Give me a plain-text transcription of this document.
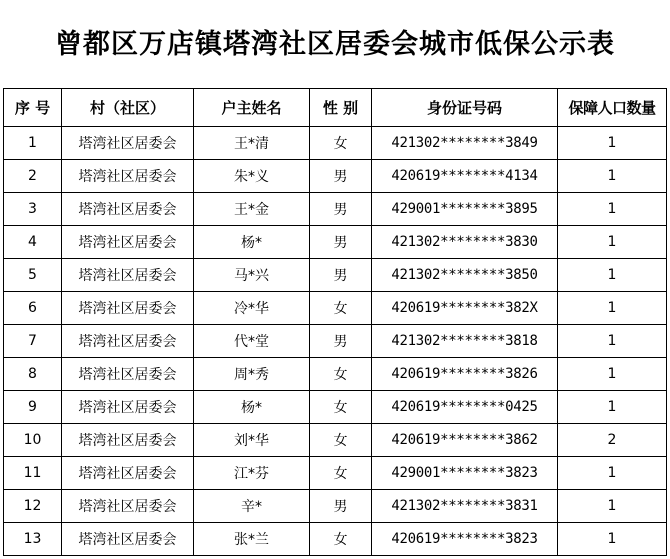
曾都区万店镇塔湾社区居委会城市低保公示表
序 号	村（社区）	户主姓名	性 别	身份证号码	保障人口数量
1	塔湾社区居委会	王*清	女	421302********3849	1
2	塔湾社区居委会	朱*义	男	420619********4134	1
3	塔湾社区居委会	王*金	男	429001********3895	1
4	塔湾社区居委会	杨*	男	421302********3830	1
5	塔湾社区居委会	马*兴	男	421302********3850	1
6	塔湾社区居委会	冷*华	女	420619********382X	1
7	塔湾社区居委会	代*堂	男	421302********3818	1
8	塔湾社区居委会	周*秀	女	420619********3826	1
9	塔湾社区居委会	杨*	女	420619********0425	1
10	塔湾社区居委会	刘*华	女	420619********3862	2
11	塔湾社区居委会	江*芬	女	429001********3823	1
12	塔湾社区居委会	辛*	男	421302********3831	1
13	塔湾社区居委会	张*兰	女	420619********3823	1
